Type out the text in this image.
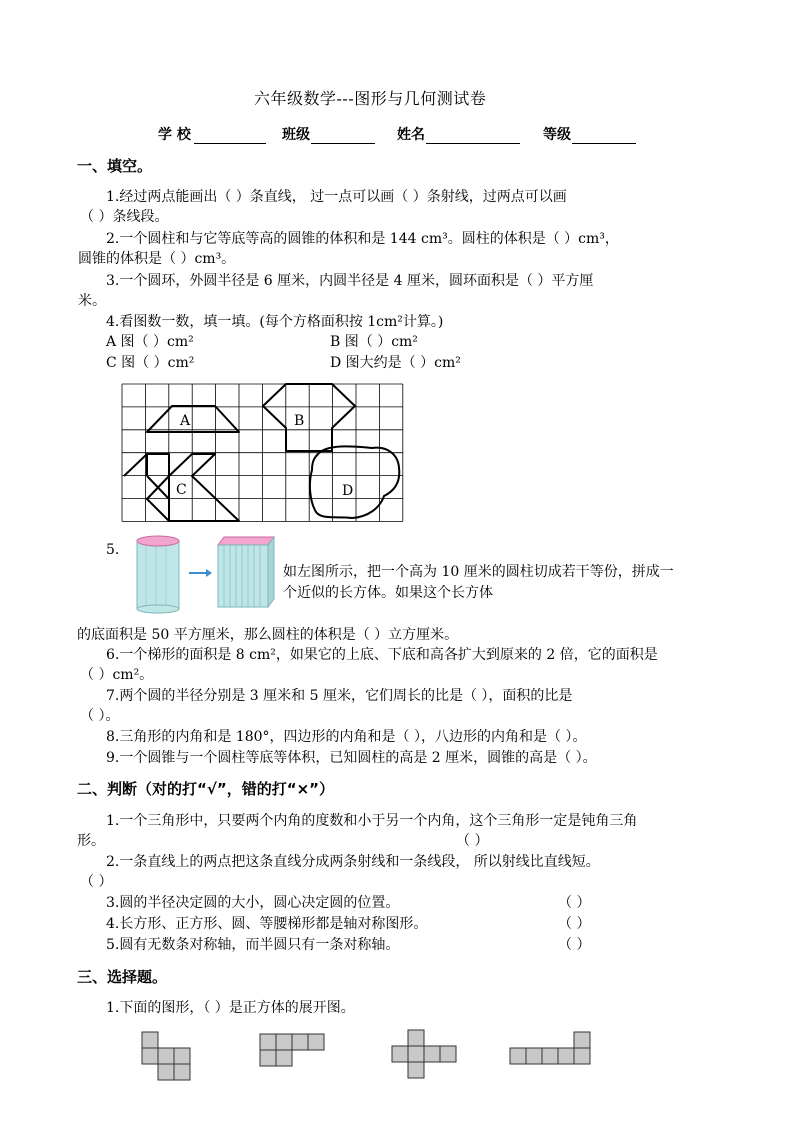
六年级数学---图形与几何测试卷
学 校	班级	姓名	等级
一、填空。
1.经过两点能画出（ ）条直线， 过一点可以画（ ）条射线，过两点可以画
（ ）条线段。
2.一个圆柱和与它等底等高的圆锥的体积和是 144 cm³。圆柱的体积是（ ）cm³，
圆锥的体积是（ ）cm³。
3.一个圆环，外圆半径是 6 厘米，内圆半径是 4 厘米，圆环面积是（ ）平方厘
米。
4.看图数一数，填一填。(每个方格面积按 1cm²计算。)
A 图（ ）cm²	B 图（ ）cm²
C 图（ ）cm²	D 图大约是（ ）cm²
A	B
C	D
5.
如左图所示，把一个高为 10 厘米的圆柱切成若干等份，拼成一
个近似的长方体。如果这个长方体
的底面积是 50 平方厘米，那么圆柱的体积是（ ）立方厘米。
6.一个梯形的面积是 8 cm²，如果它的上底、下底和高各扩大到原来的 2 倍，它的面积是
（ ）cm²。
7.两个圆的半径分别是 3 厘米和 5 厘米，它们周长的比是（ ），面积的比是
（ ）。
8.三角形的内角和是 180°，四边形的内角和是（ ），八边形的内角和是（ ）。
9.一个圆锥与一个圆柱等底等体积，已知圆柱的高是 2 厘米，圆锥的高是（ ）。
二、判断（对的打“√”，错的打“×”）
1.一个三角形中，只要两个内角的度数和小于另一个内角，这个三角形一定是钝角三角
形。	（ ）
2.一条直线上的两点把这条直线分成两条射线和一条线段， 所以射线比直线短。
（ ）
3.圆的半径决定圆的大小，圆心决定圆的位置。	（ ）
4.长方形、正方形、圆、等腰梯形都是轴对称图形。	（ ）
5.圆有无数条对称轴，而半圆只有一条对称轴。	（ ）
三、选择题。
1.下面的图形，（ ）是正方体的展开图。
